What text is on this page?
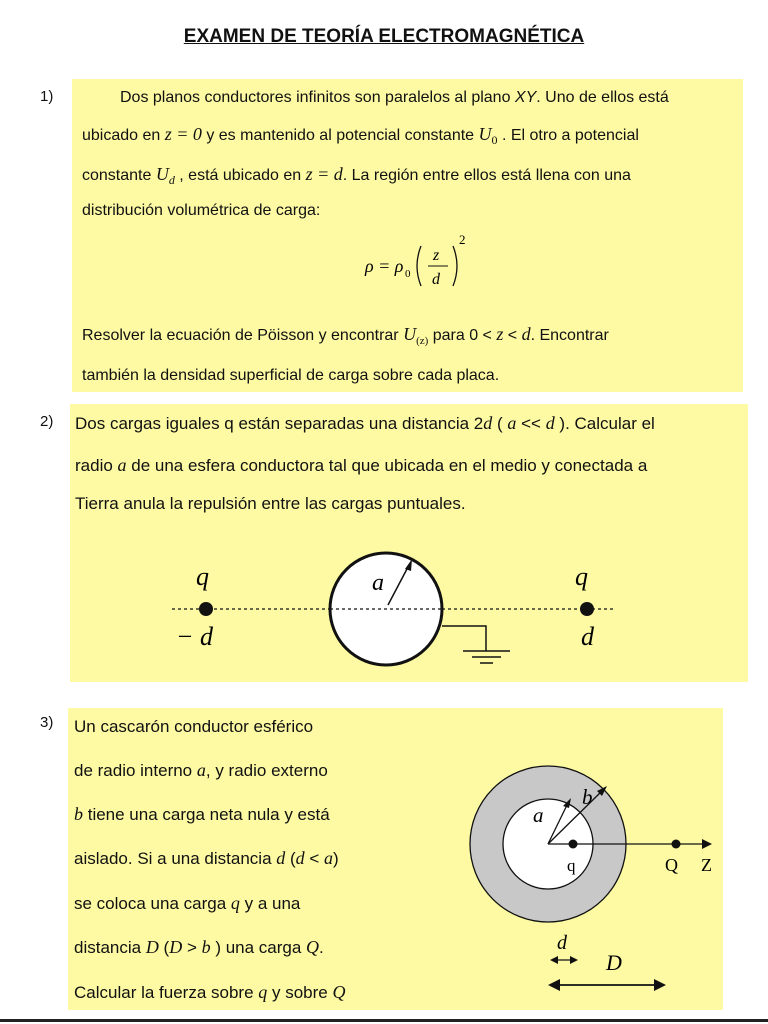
EXAMEN DE TEORÍA ELECTROMAGNÉTICA
1)	Dos planos conductores infinitos son paralelos al plano XY. Uno de ellos está
ubicado en z = 0 y es mantenido al potencial constante $U_0$ . El otro a potencial
constante $U_d$ , está ubicado en z = d. La región entre ellos está llena con una
distribución volumétrica de carga:
ρ = ρ 0
z
d
2
Resolver la ecuación de Pöisson y encontrar $U_{(z)}$ para 0 < z < d. Encontrar
también la densidad superficial de carga sobre cada placa.
2) Dos cargas iguales q están separadas una distancia 2d ( a << d ). Calcular el
radio a de una esfera conductora tal que ubicada en el medio y conectada a
Tierra anula la repulsión entre las cargas puntuales.
a
q	q
− d	d
3) Un cascarón conductor esférico
de radio interno a, y radio externo
b tiene una carga neta nula y está
aislado. Si a una distancia d (d < a)
se coloca una carga q y a una
distancia D (D > b ) una carga Q.
Calcular la fuerza sobre q y sobre Q
a
b
q	Q Z
d
D
